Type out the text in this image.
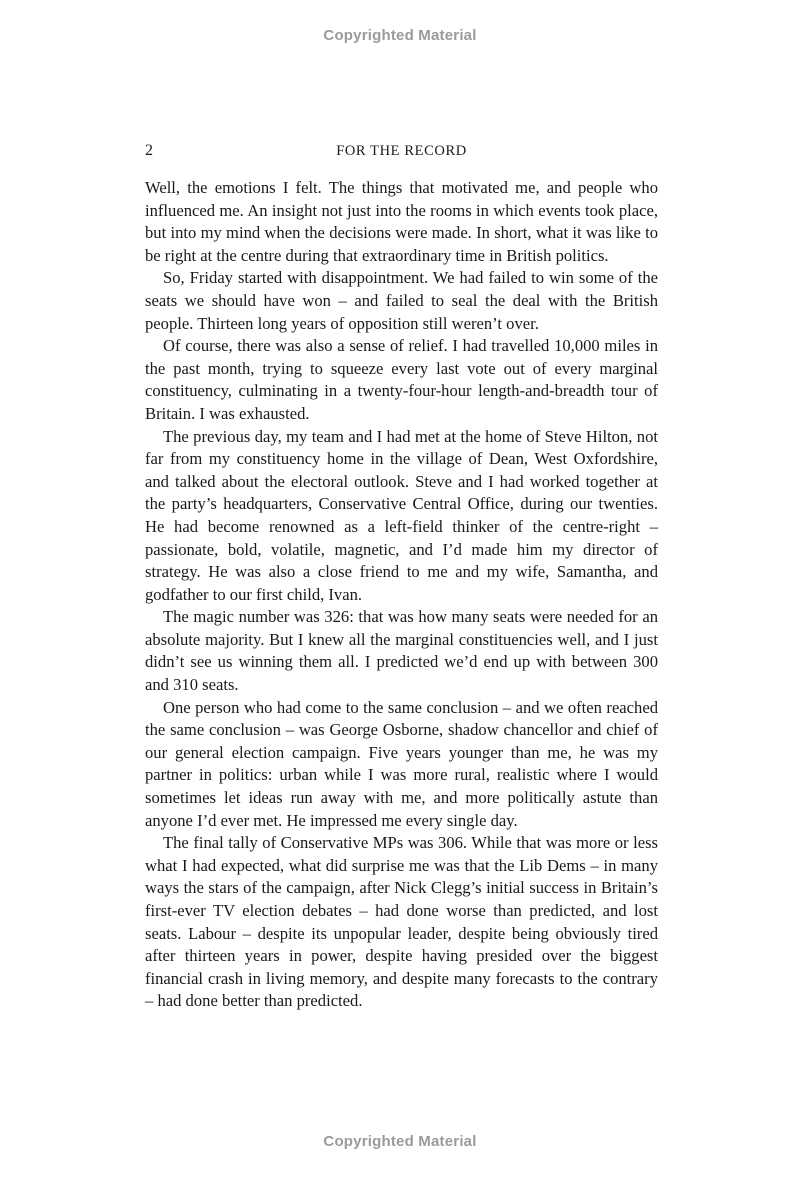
Copyrighted Material
2	FOR THE RECORD

Well, the emotions I felt. The things that motivated me, and people who influenced me. An insight not just into the rooms in which events took place, but into my mind when the decisions were made. In short, what it was like to be right at the centre during that extraordinary time in British politics.

So, Friday started with disappointment. We had failed to win some of the seats we should have won – and failed to seal the deal with the British people. Thirteen long years of opposition still weren’t over.

Of course, there was also a sense of relief. I had travelled 10,000 miles in the past month, trying to squeeze every last vote out of every marginal constituency, culminating in a twenty-four-hour length-and-breadth tour of Britain. I was exhausted.

The previous day, my team and I had met at the home of Steve Hilton, not far from my constituency home in the village of Dean, West Oxfordshire, and talked about the electoral outlook. Steve and I had worked together at the party’s headquarters, Conservative Central Office, during our twenties. He had become renowned as a left-field thinker of the centre-right – passionate, bold, volatile, magnetic, and I’d made him my director of strategy. He was also a close friend to me and my wife, Samantha, and godfather to our first child, Ivan.

The magic number was 326: that was how many seats were needed for an absolute majority. But I knew all the marginal constituencies well, and I just didn’t see us winning them all. I predicted we’d end up with between 300 and 310 seats.

One person who had come to the same conclusion – and we often reached the same conclusion – was George Osborne, shadow chancellor and chief of our general election campaign. Five years younger than me, he was my partner in politics: urban while I was more rural, realistic where I would sometimes let ideas run away with me, and more politically astute than anyone I’d ever met. He impressed me every single day.

The final tally of Conservative MPs was 306. While that was more or less what I had expected, what did surprise me was that the Lib Dems – in many ways the stars of the campaign, after Nick Clegg’s initial success in Britain’s first-ever TV election debates – had done worse than predicted, and lost seats. Labour – despite its unpopular leader, despite being obviously tired after thirteen years in power, despite having presided over the biggest financial crash in living memory, and despite many forecasts to the contrary – had done better than predicted.

Copyrighted Material
